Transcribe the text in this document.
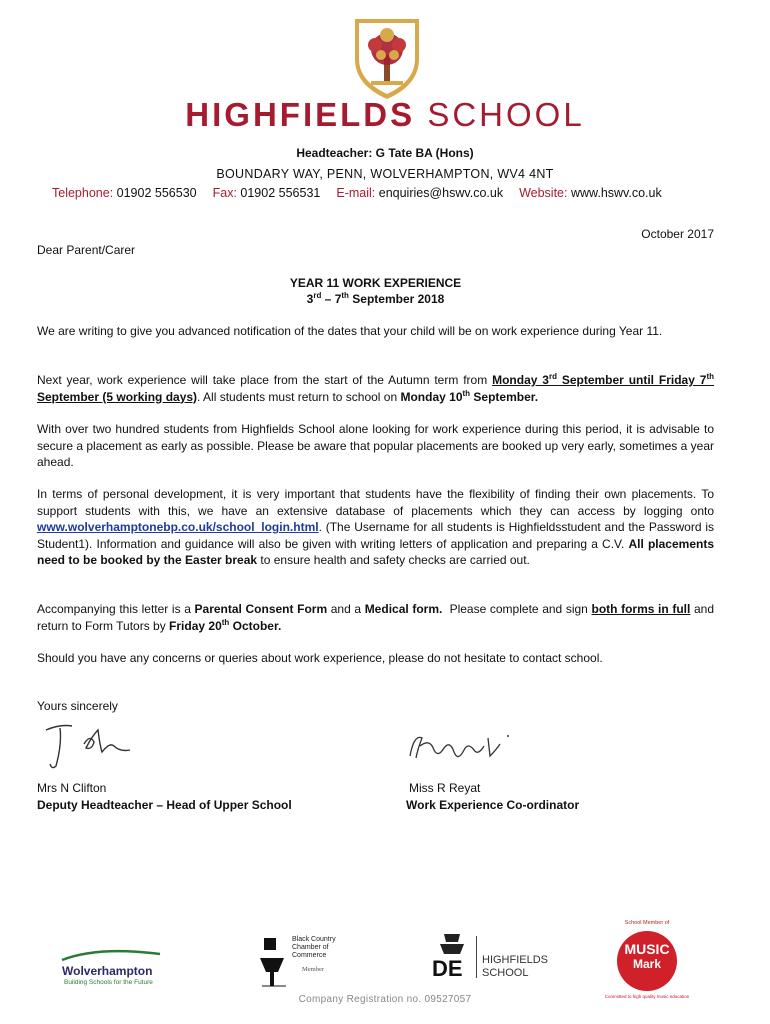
HIGHFIELDS SCHOOL
Headteacher: G Tate BA (Hons)
BOUNDARY WAY, PENN, WOLVERHAMPTON, WV4 4NT
Telephone: 01902 556530 Fax: 01902 556531 E-mail: enquiries@hswv.co.uk Website: www.hswv.co.uk
October 2017
Dear Parent/Carer
YEAR 11 WORK EXPERIENCE
3rd – 7th September 2018
We are writing to give you advanced notification of the dates that your child will be on work experience during Year 11.
Next year, work experience will take place from the start of the Autumn term from Monday 3rd September until Friday 7th September (5 working days). All students must return to school on Monday 10th September.
With over two hundred students from Highfields School alone looking for work experience during this period, it is advisable to secure a placement as early as possible. Please be aware that popular placements are booked up very early, sometimes a year ahead.
In terms of personal development, it is very important that students have the flexibility of finding their own placements. To support students with this, we have an extensive database of placements which they can access by logging onto www.wolverhamptonebp.co.uk/school_login.html. (The Username for all students is Highfieldsstudent and the Password is Student1). Information and guidance will also be given with writing letters of application and preparing a C.V. All placements need to be booked by the Easter break to ensure health and safety checks are carried out.
Accompanying this letter is a Parental Consent Form and a Medical form.  Please complete and sign both forms in full and return to Form Tutors by Friday 20th October.
Should you have any concerns or queries about work experience, please do not hesitate to contact school.
Yours sincerely
Mrs N Clifton
Deputy Headteacher – Head of Upper School
Miss R Reyat
Work Experience Co-ordinator
Wolverhampton
Building Schools for the Future
Black Country
Chamber of
Commerce
Member	DE HIGHFIELDS
SCHOOL
MUSIC
Mark
School Member of
Committed to high quality music education
Company Registration no. 09527057
